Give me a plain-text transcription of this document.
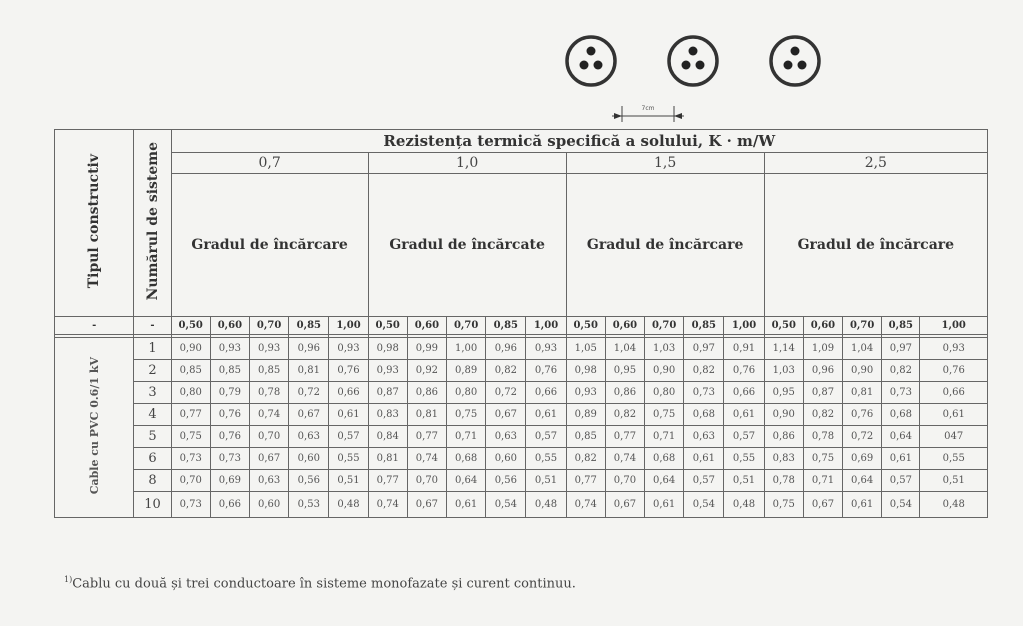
7cm
Tipul constructiv	Numărul de sisteme	Rezistența termică specifică a solului, K · m/W																			
		0,7					1,0					1,5					2,5				
		Gradul de încărcare					Gradul de încărcate					Gradul de încărcare					Gradul de încărcare				
-	-	0,50	0,60	0,70	0,85	1,00	0,50	0,60	0,70	0,85	1,00	0,50	0,60	0,70	0,85	1,00	0,50	0,60	0,70	0,85	1,00

Cable cu PVC 0.6/1 kV	1	0,90	0,93	0,93	0,96	0,93	0,98	0,99	1,00	0,96	0,93	1,05	1,04	1,03	0,97	0,91	1,14	1,09	1,04	0,97	0,93
	2	0,85	0,85	0,85	0,81	0,76	0,93	0,92	0,89	0,82	0,76	0,98	0,95	0,90	0,82	0,76	1,03	0,96	0,90	0,82	0,76
	3	0,80	0,79	0,78	0,72	0,66	0,87	0,86	0,80	0,72	0,66	0,93	0,86	0,80	0,73	0,66	0,95	0,87	0,81	0,73	0,66
	4	0,77	0,76	0,74	0,67	0,61	0,83	0,81	0,75	0,67	0,61	0,89	0,82	0,75	0,68	0,61	0,90	0,82	0,76	0,68	0,61
	5	0,75	0,76	0,70	0,63	0,57	0,84	0,77	0,71	0,63	0,57	0,85	0,77	0,71	0,63	0,57	0,86	0,78	0,72	0,64	047
	6	0,73	0,73	0,67	0,60	0,55	0,81	0,74	0,68	0,60	0,55	0,82	0,74	0,68	0,61	0,55	0,83	0,75	0,69	0,61	0,55
	8	0,70	0,69	0,63	0,56	0,51	0,77	0,70	0,64	0,56	0,51	0,77	0,70	0,64	0,57	0,51	0,78	0,71	0,64	0,57	0,51
	10	0,73	0,66	0,60	0,53	0,48	0,74	0,67	0,61	0,54	0,48	0,74	0,67	0,61	0,54	0,48	0,75	0,67	0,61	0,54	0,48
$^{1)}$Cablu cu două și trei conductoare în sisteme monofazate și curent continuu.
